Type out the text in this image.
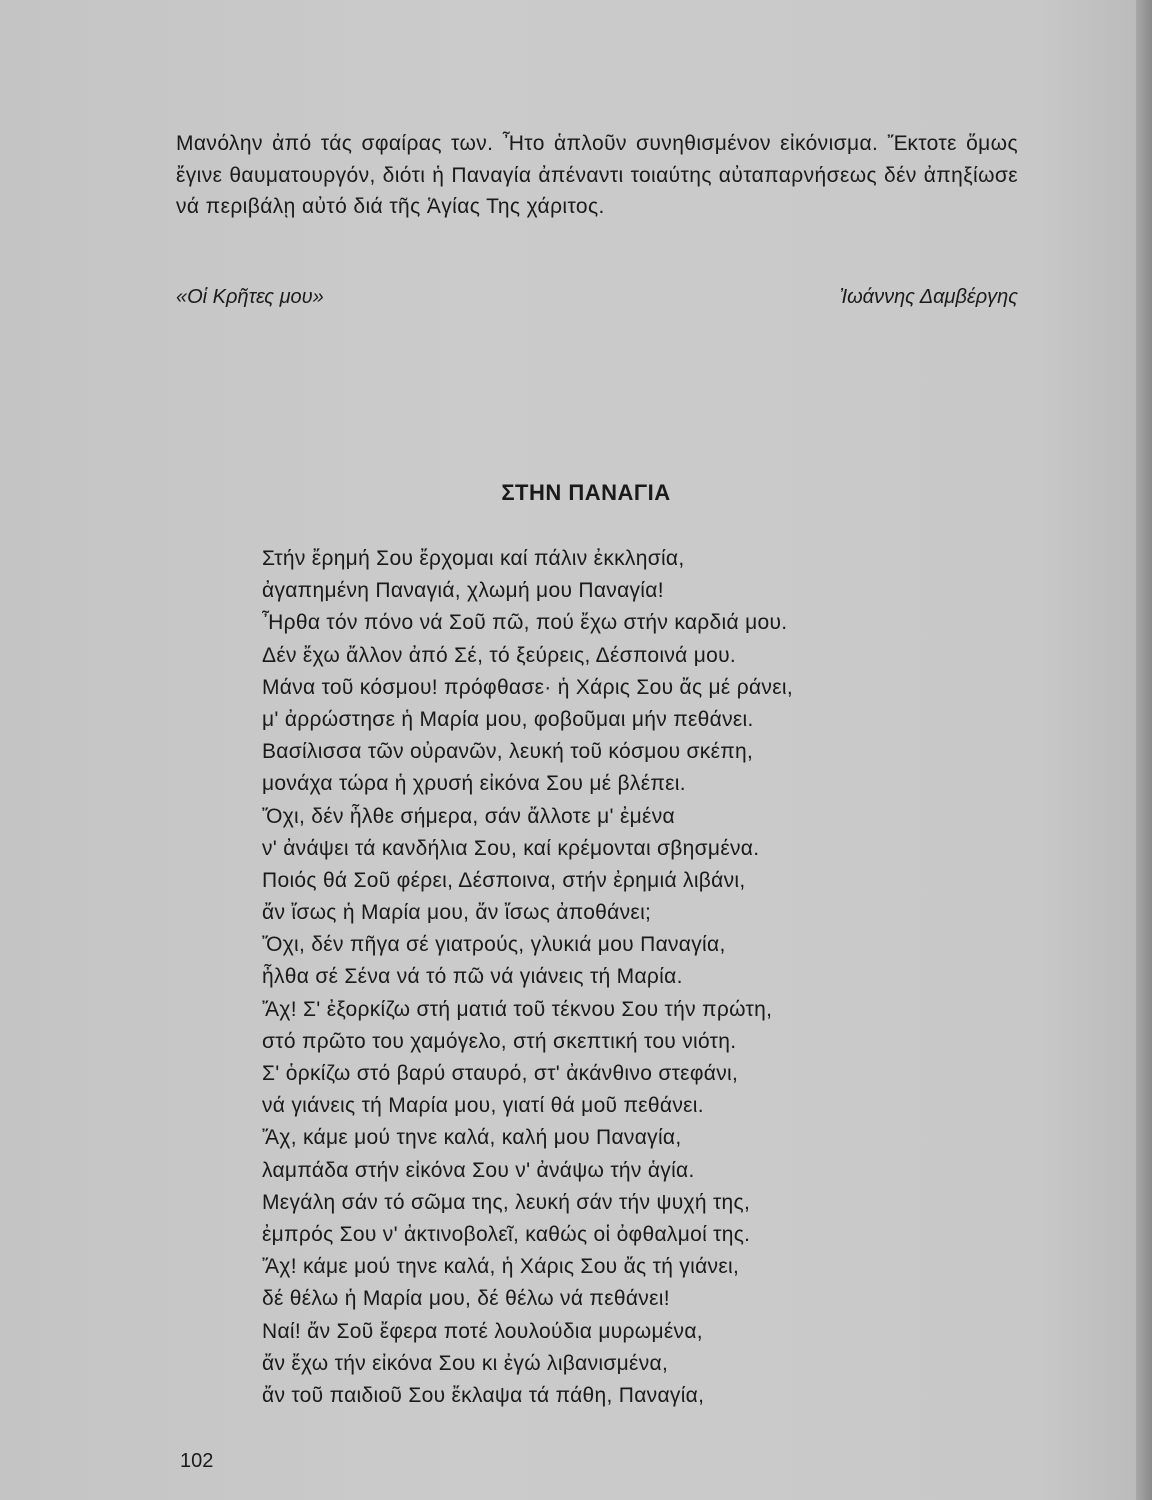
Μανόλην ἀπό τάς σφαίρας των. Ἦτο ἁπλοῦν συνηθισμένον εἰκόνισμα. Ἔκτοτε ὅμως ἔγινε θαυματουργόν, διότι ἡ Παναγία ἀπέναντι τοιαύτης αὐταπαρνήσεως δέν ἀπηξίωσε νά περιβάλῃ αὐτό διά τῆς Ἁγίας Της χάριτος.

«Οἱ Κρῆτες μου»	Ἰωάννης Δαμβέργης
ΣΤΗΝ ΠΑΝΑΓΙΑ
Στήν ἔρημή Σου ἔρχομαι καί πάλιν ἐκκλησία,
ἀγαπημένη Παναγιά, χλωμή μου Παναγία!
Ἦρθα τόν πόνο νά Σοῦ πῶ, πού ἔχω στήν καρδιά μου.
Δέν ἔχω ἄλλον ἀπό Σέ, τό ξεύρεις, Δέσποινά μου.
Μάνα τοῦ κόσμου! πρόφθασε· ἡ Χάρις Σου ἄς μέ ράνει,
μ' ἀρρώστησε ἡ Μαρία μου, φοβοῦμαι μήν πεθάνει.
Βασίλισσα τῶν οὐρανῶν, λευκή τοῦ κόσμου σκέπη,
μονάχα τώρα ἡ χρυσή εἰκόνα Σου μέ βλέπει.
Ὄχι, δέν ἦλθε σήμερα, σάν ἄλλοτε μ' ἐμένα
ν' ἀνάψει τά κανδήλια Σου, καί κρέμονται σβησμένα.
Ποιός θά Σοῦ φέρει, Δέσποινα, στήν ἐρημιά λιβάνι,
ἄν ἴσως ἡ Μαρία μου, ἄν ἴσως ἀποθάνει;
Ὄχι, δέν πῆγα σέ γιατρούς, γλυκιά μου Παναγία,
ἦλθα σέ Σένα νά τό πῶ νά γιάνεις τή Μαρία.
Ἄχ! Σ' ἐξορκίζω στή ματιά τοῦ τέκνου Σου τήν πρώτη,
στό πρῶτο του χαμόγελο, στή σκεπτική του νιότη.
Σ' ὁρκίζω στό βαρύ σταυρό, στ' ἀκάνθινο στεφάνι,
νά γιάνεις τή Μαρία μου, γιατί θά μοῦ πεθάνει.
Ἄχ, κάμε μού τηνε καλά, καλή μου Παναγία,
λαμπάδα στήν εἰκόνα Σου ν' ἀνάψω τήν ἁγία.
Μεγάλη σάν τό σῶμα της, λευκή σάν τήν ψυχή της,
ἐμπρός Σου ν' ἀκτινοβολεῖ, καθώς οἱ ὀφθαλμοί της.
Ἄχ! κάμε μού τηνε καλά, ἡ Χάρις Σου ἄς τή γιάνει,
δέ θέλω ἡ Μαρία μου, δέ θέλω νά πεθάνει!
Ναί! ἄν Σοῦ ἔφερα ποτέ λουλούδια μυρωμένα,
ἄν ἔχω τήν εἰκόνα Σου κι ἐγώ λιβανισμένα,
ἄν τοῦ παιδιοῦ Σου ἔκλαψα τά πάθη, Παναγία,
102
